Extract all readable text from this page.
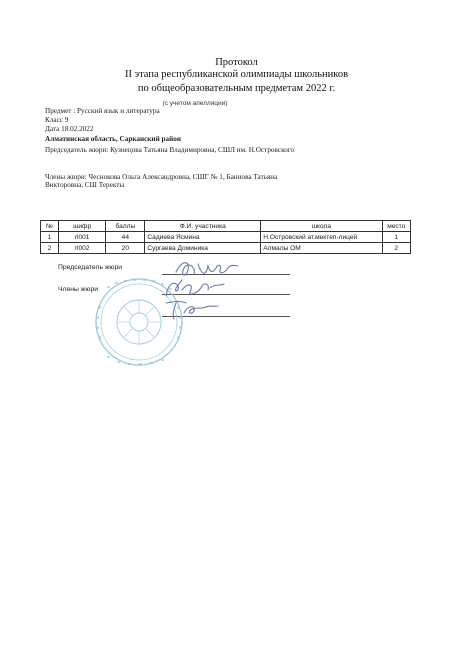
Протокол
II этапа республиканской олимпиады школьников
по общеобразовательным предметам 2022 г.
(с учетом апелляции)
Предмет : Русский язык и литература
Класс 9
Дата 18.02.2022
Алматинская область, Сарканский район
Председатель жюри: Кузнецова Татьяна Владимировна, СШЛ им. Н.Островского
Члены жюри: Чеснокова Ольга Александровна, СШГ № 1, Баннова Татьяна
Викторовна, СШ Теректы
№	шифр	баллы	Ф.И. участника	школа	место
1	rl001	44	Садиева Ясмина	Н.Островский ат.мектеп-лицей	1
2	rl002	20	Сургаева Доминика	Алмалы ОМ	2
Председатель жюри
Члены жюри
